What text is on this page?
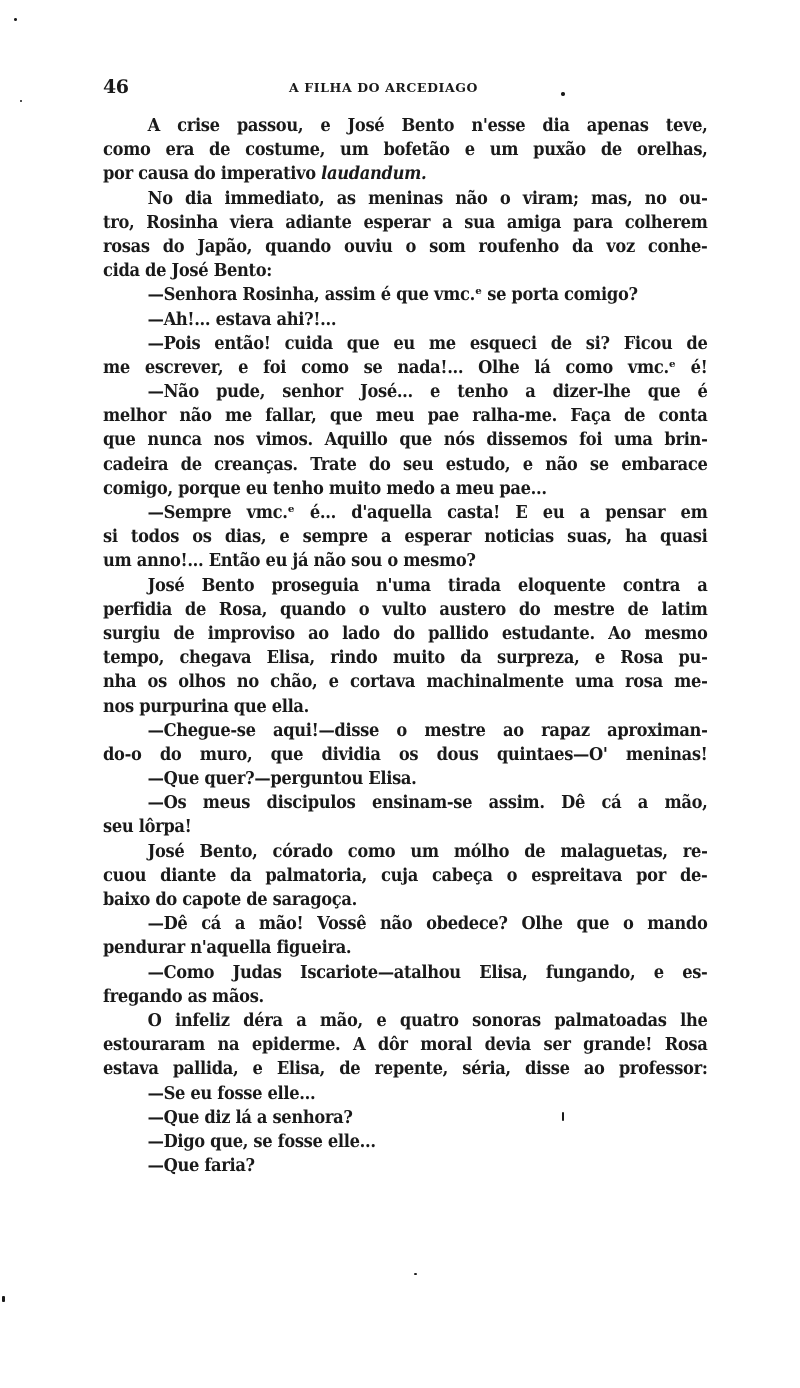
46	A FILHA DO ARCEDIAGO
A crise passou, e José Bento n'esse dia apenas teve,
como era de costume, um bofetão e um puxão de orelhas,
por causa do imperativo laudandum.
No dia immediato, as meninas não o viram; mas, no ou-
tro, Rosinha viera adiante esperar a sua amiga para colherem
rosas do Japão, quando ouviu o som roufenho da voz conhe-
cida de José Bento:
—Senhora Rosinha, assim é que vmc.ᵉ se porta comigo?
—Ah!... estava ahi?!...
—Pois então! cuida que eu me esqueci de si? Ficou de
me escrever, e foi como se nada!... Olhe lá como vmc.ᵉ é!
—Não pude, senhor José... e tenho a dizer-lhe que é
melhor não me fallar, que meu pae ralha-me. Faça de conta
que nunca nos vimos. Aquillo que nós dissemos foi uma brin-
cadeira de creanças. Trate do seu estudo, e não se embarace
comigo, porque eu tenho muito medo a meu pae...
—Sempre vmc.ᵉ é... d'aquella casta! E eu a pensar em
si todos os dias, e sempre a esperar noticias suas, ha quasi
um anno!... Então eu já não sou o mesmo?
José Bento proseguia n'uma tirada eloquente contra a
perfidia de Rosa, quando o vulto austero do mestre de latim
surgiu de improviso ao lado do pallido estudante. Ao mesmo
tempo, chegava Elisa, rindo muito da surpreza, e Rosa pu-
nha os olhos no chão, e cortava machinalmente uma rosa me-
nos purpurina que ella.
—Chegue-se aqui!—disse o mestre ao rapaz aproximan-
do-o do muro, que dividia os dous quintaes—O' meninas!
—Que quer?—perguntou Elisa.
—Os meus discipulos ensinam-se assim. Dê cá a mão,
seu lôrpa!
José Bento, córado como um mólho de malaguetas, re-
cuou diante da palmatoria, cuja cabeça o espreitava por de-
baixo do capote de saragoça.
—Dê cá a mão! Vossê não obedece? Olhe que o mando
pendurar n'aquella figueira.
—Como Judas Iscariote—atalhou Elisa, fungando, e es-
fregando as mãos.
O infeliz déra a mão, e quatro sonoras palmatoadas lhe
estouraram na epiderme. A dôr moral devia ser grande! Rosa
estava pallida, e Elisa, de repente, séria, disse ao professor:
—Se eu fosse elle...
—Que diz lá a senhora?
—Digo que, se fosse elle...
—Que faria?
